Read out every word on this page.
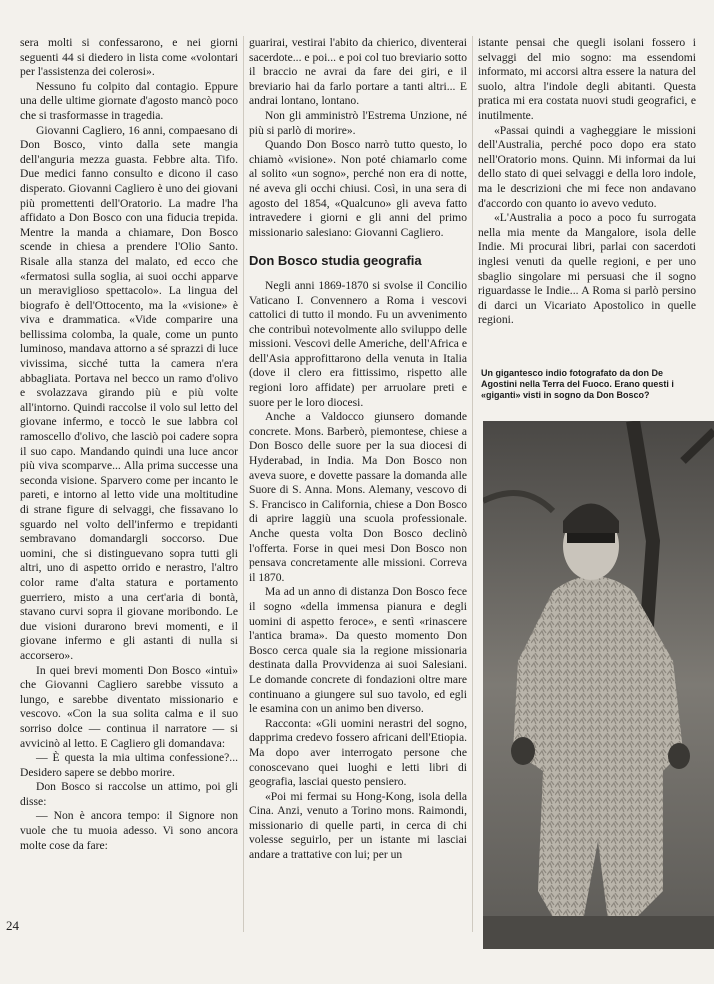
sera molti si confessarono, e nei giorni seguenti 44 si diedero in lista come «volontari per l'assistenza dei colerosi».

Nessuno fu colpito dal contagio. Eppure una delle ultime giornate d'agosto mancò poco che si trasformasse in tragedia.

Giovanni Cagliero, 16 anni, compaesano di Don Bosco, vinto dalla sete mangia dell'anguria mezza guasta. Febbre alta. Tifo. Due medici fanno consulto e dicono il caso disperato. Giovanni Cagliero è uno dei giovani più promettenti dell'Oratorio. La madre l'ha affidato a Don Bosco con una fiducia trepida. Mentre la manda a chiamare, Don Bosco scende in chiesa a prendere l'Olio Santo. Risale alla stanza del malato, ed ecco che «fermatosi sulla soglia, ai suoi occhi apparve un meraviglioso spettacolo». La lingua del biografo è dell'Ottocento, ma la «visione» è viva e drammatica. «Vide comparire una bellissima colomba, la quale, come un punto luminoso, mandava attorno a sé sprazzi di luce vivissima, sicché tutta la camera n'era abbagliata. Portava nel becco un ramo d'olivo e svolazzava girando più e più volte all'intorno. Quindi raccolse il volo sul letto del giovane infermo, e toccò le sue labbra col ramoscello d'olivo, che lasciò poi cadere sopra il suo capo. Mandando quindi una luce ancor più viva scomparve... Alla prima successe una seconda visione. Sparvero come per incanto le pareti, e intorno al letto vide una moltitudine di strane figure di selvaggi, che fissavano lo sguardo nel volto dell'infermo e trepidanti sembravano domandargli soccorso. Due uomini, che si distinguevano sopra tutti gli altri, uno di aspetto orrido e nerastro, l'altro color rame d'alta statura e portamento guerriero, misto a una cert'aria di bontà, stavano curvi sopra il giovane moribondo. Le due visioni durarono brevi momenti, e il giovane infermo e gli astanti di nulla si accorsero».

In quei brevi momenti Don Bosco «intuì» che Giovanni Cagliero sarebbe vissuto a lungo, e sarebbe diventato missionario e vescovo. «Con la sua solita calma e il suo sorriso dolce — continua il narratore — si avvicinò al letto. E Cagliero gli domandava:

— È questa la mia ultima confessione?... Desidero sapere se debbo morire.

Don Bosco si raccolse un attimo, poi gli disse:

— Non è ancora tempo: il Signore non vuole che tu muoia adesso. Vi sono ancora molte cose da fare:

guarirai, vestirai l'abito da chierico, diventerai sacerdote... e poi... e poi col tuo breviario sotto il braccio ne avrai da fare dei giri, e il breviario hai da farlo portare a tanti altri... E andrai lontano, lontano.

Non gli amministrò l'Estrema Unzione, né più si parlò di morire».

Quando Don Bosco narrò tutto questo, lo chiamò «visione». Non poté chiamarlo come al solito «un sogno», perché non era di notte, né aveva gli occhi chiusi. Così, in una sera di agosto del 1854, «Qualcuno» gli aveva fatto intravedere i giorni e gli anni del primo missionario salesiano: Giovanni Cagliero.

Don Bosco studia geografia

Negli anni 1869-1870 si svolse il Concilio Vaticano I. Convennero a Roma i vescovi cattolici di tutto il mondo. Fu un avvenimento che contribuì notevolmente allo sviluppo delle missioni. Vescovi delle Americhe, dell'Africa e dell'Asia approfittarono della venuta in Italia (dove il clero era fittissimo, rispetto alle regioni loro affidate) per arruolare preti e suore per le loro diocesi.

Anche a Valdocco giunsero domande concrete. Mons. Barberò, piemontese, chiese a Don Bosco delle suore per la sua diocesi di Hyderabad, in India. Ma Don Bosco non aveva suore, e dovette passare la domanda alle Suore di S. Anna. Mons. Alemany, vescovo di S. Francisco in California, chiese a Don Bosco di aprire laggiù una scuola professionale. Anche questa volta Don Bosco declinò l'offerta. Forse in quei mesi Don Bosco non pensava concretamente alle missioni. Correva il 1870.

Ma ad un anno di distanza Don Bosco fece il sogno «della immensa pianura e degli uomini di aspetto feroce», e sentì «rinascere l'antica brama». Da questo momento Don Bosco cerca quale sia la regione missionaria destinata dalla Provvidenza ai suoi Salesiani. Le domande concrete di fondazioni oltre mare continuano a giungere sul suo tavolo, ed egli le esamina con un animo ben diverso.

Racconta: «Gli uomini nerastri del sogno, dapprima credevo fossero africani dell'Etiopia. Ma dopo aver interrogato persone che conoscevano quei luoghi e letti libri di geografia, lasciai questo pensiero.

«Poi mi fermai su Hong-Kong, isola della Cina. Anzi, venuto a Torino mons. Raimondi, missionario di quelle parti, in cerca di chi volesse seguirlo, per un istante mi lasciai andare a trattative con lui; per un

istante pensai che quegli isolani fossero i selvaggi del mio sogno: ma essendomi informato, mi accorsi altra essere la natura del suolo, altra l'indole degli abitanti. Questa pratica mi era costata nuovi studi geografici, e inutilmente.

«Passai quindi a vagheggiare le missioni dell'Australia, perché poco dopo era stato nell'Oratorio mons. Quinn. Mi informai da lui dello stato di quei selvaggi e della loro indole, ma le descrizioni che mi fece non andavano d'accordo con quanto io avevo veduto.

«L'Australia a poco a poco fu surrogata nella mia mente da Mangalore, isola delle Indie. Mi procurai libri, parlai con sacerdoti inglesi venuti da quelle regioni, e per uno sbaglio singolare mi persuasi che il sogno riguardasse le Indie... A Roma si parlò persino di darci un Vicariato Apostolico in quelle regioni.

Un gigantesco indio fotografato da don De Agostini nella Terra del Fuoco. Erano questi i «giganti» visti in sogno da Don Bosco?
24
